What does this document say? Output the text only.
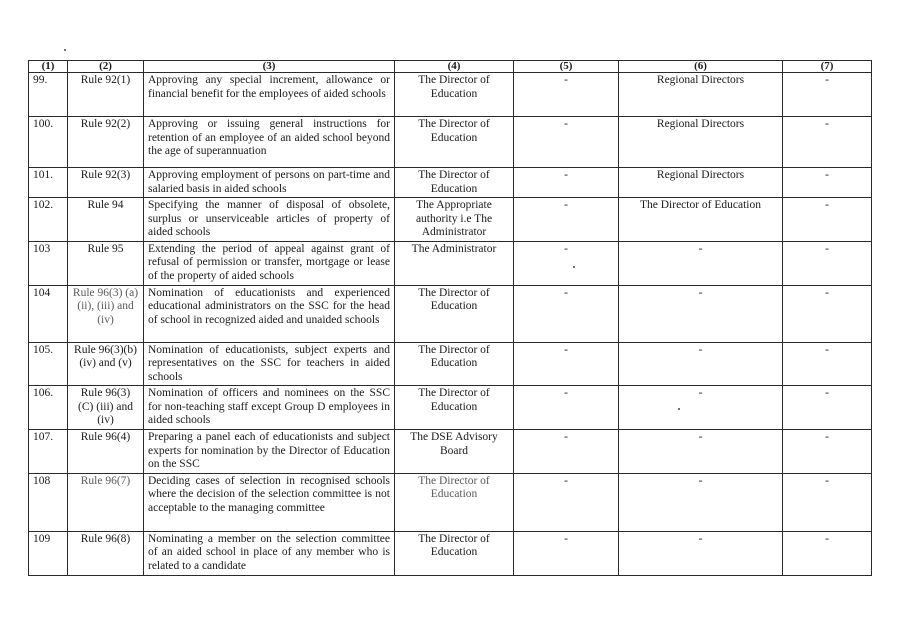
(1)	(2)	(3)	(4)	(5)	(6)	(7)
99.	Rule 92(1)	Approving any special increment, allowance or financial benefit for the employees of aided schools	The Director of Education	-	Regional Directors	-
100.	Rule 92(2)	Approving or issuing general instructions for retention of an employee of an aided school beyond the age of superannuation	The Director of Education	-	Regional Directors	-
101.	Rule 92(3)	Approving employment of persons on part-time and salaried basis in aided schools	The Director of Education	-	Regional Directors	-
102.	Rule 94	Specifying the manner of disposal of obsolete, surplus or unserviceable articles of property of aided schools	The Appropriate authority i.e The Administrator	-	The Director of Education	-
103	Rule 95	Extending the period of appeal against grant of refusal of permission or transfer, mortgage or lease of the property of aided schools	The Administrator	-	-	-
104	Rule 96(3) (a)(ii), (iii) and (iv)	Nomination of educationists and experienced educational administrators on the SSC for the head of school in recognized aided and unaided schools	The Director of Education	-	-	-
105.	Rule 96(3)(b) (iv) and (v)	Nomination of educationists, subject experts and representatives on the SSC for teachers in aided schools	The Director of Education	-	-	-
106.	Rule 96(3) (C) (iii) and (iv)	Nomination of officers and nominees on the SSC for non-teaching staff except Group D employees in aided schools	The Director of Education	-	-	-
107.	Rule 96(4)	Preparing a panel each of educationists and subject experts for nomination by the Director of Education on the SSC	The DSE Advisory Board	-	-	-
108	Rule 96(7)	Deciding cases of selection in recognised schools where the decision of the selection committee is not acceptable to the managing committee	The Director of Education	-	-	-
109	Rule 96(8)	Nominating a member on the selection committee of an aided school in place of any member who is related to a candidate	The Director of Education	-	-	-
